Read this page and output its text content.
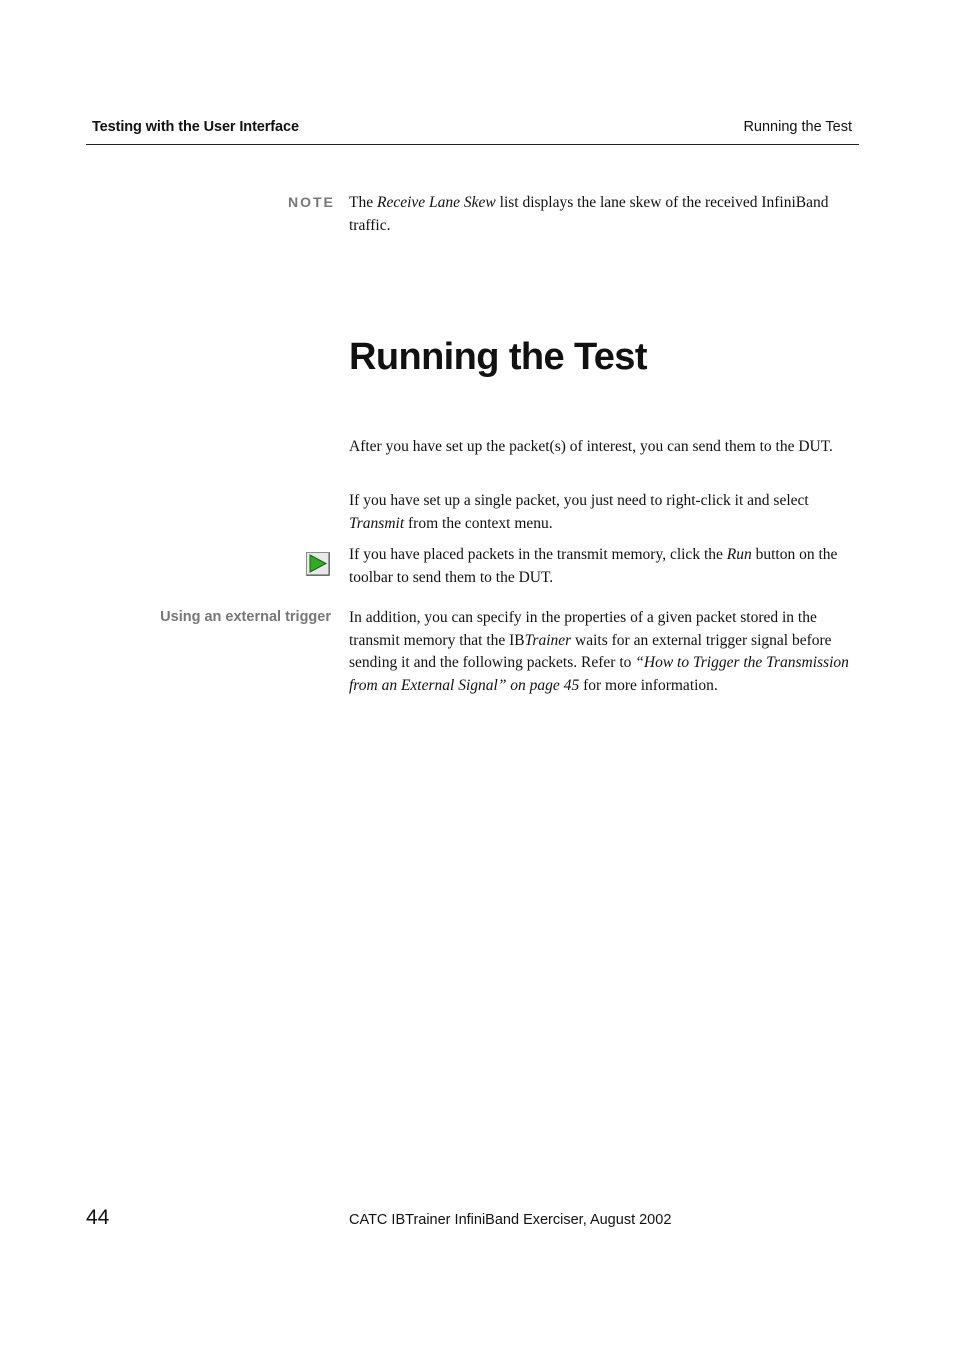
Testing with the User Interface	Running the Test
NOTE The Receive Lane Skew list displays the lane skew of the received InfiniBand traffic.

Running the Test

After you have set up the packet(s) of interest, you can send them to the DUT.

If you have set up a single packet, you just need to right-click it and select Transmit from the context menu.

If you have placed packets in the transmit memory, click the Run button on the toolbar to send them to the DUT.

Using an external trigger In addition, you can specify in the properties of a given packet stored in the transmit memory that the IBTrainer waits for an external trigger signal before sending it and the following packets. Refer to “How to Trigger the Transmission from an External Signal” on page 45 for more information.

44	CATC IBTrainer InfiniBand Exerciser, August 2002
